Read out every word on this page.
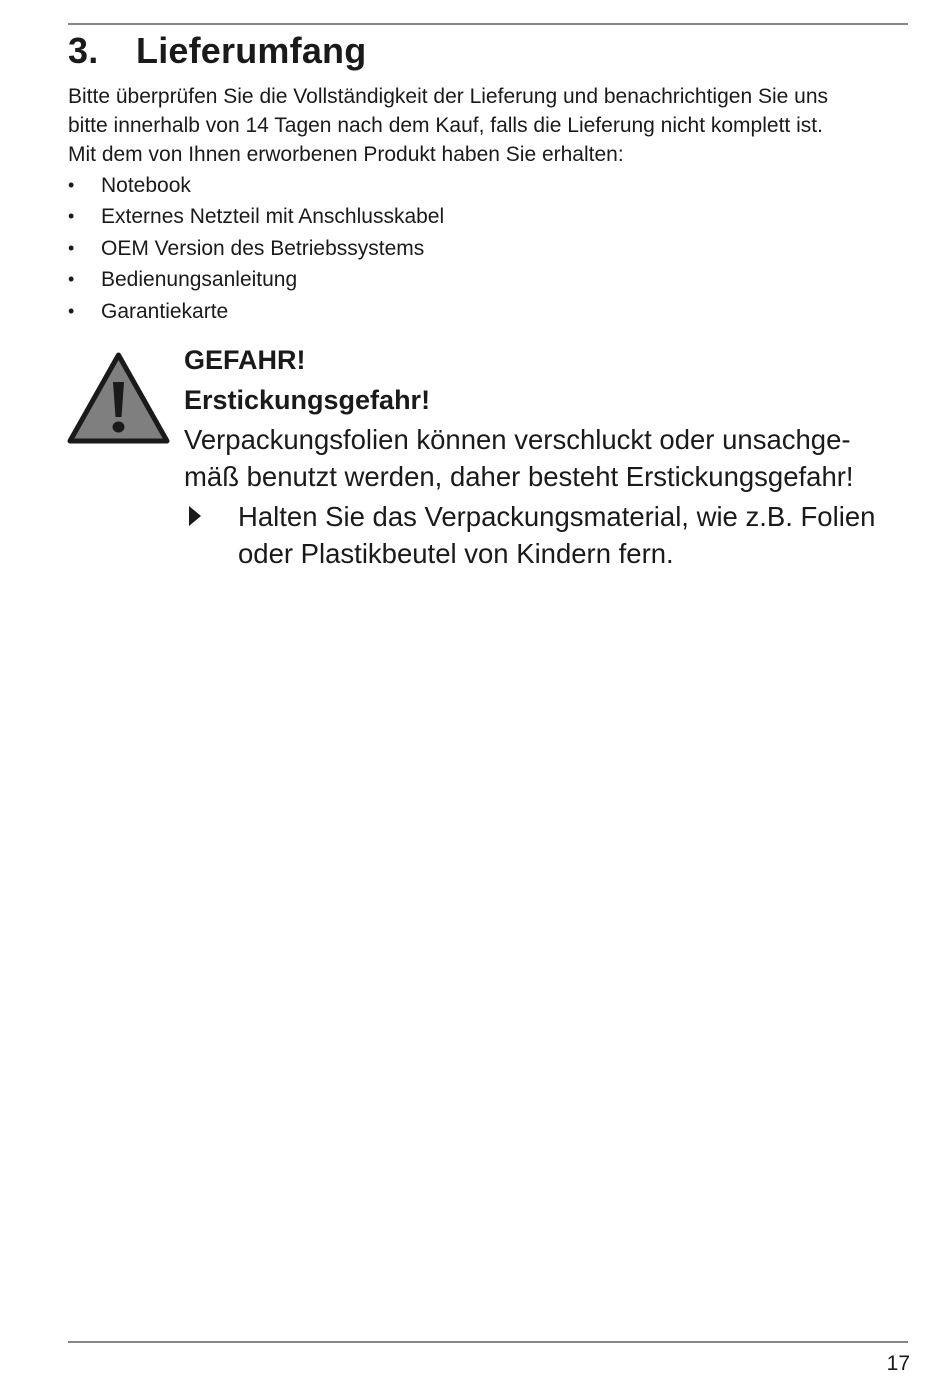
3. Lieferumfang

Bitte überprüfen Sie die Vollständigkeit der Lieferung und benachrichtigen Sie uns

bitte innerhalb von 14 Tagen nach dem Kauf, falls die Lieferung nicht komplett ist.

Mit dem von Ihnen erworbenen Produkt haben Sie erhalten:

• Notebook
• Externes Netzteil mit Anschlusskabel
• OEM Version des Betriebssystems
• Bedienungsanleitung
• Garantiekarte
GEFAHR!
Erstickungsgefahr!
Verpackungsfolien können verschluckt oder unsachge-
mäß benutzt werden, daher besteht Erstickungsgefahr!
Halten Sie das Verpackungsmaterial, wie z.B. Folien
oder Plastikbeutel von Kindern fern.
17
